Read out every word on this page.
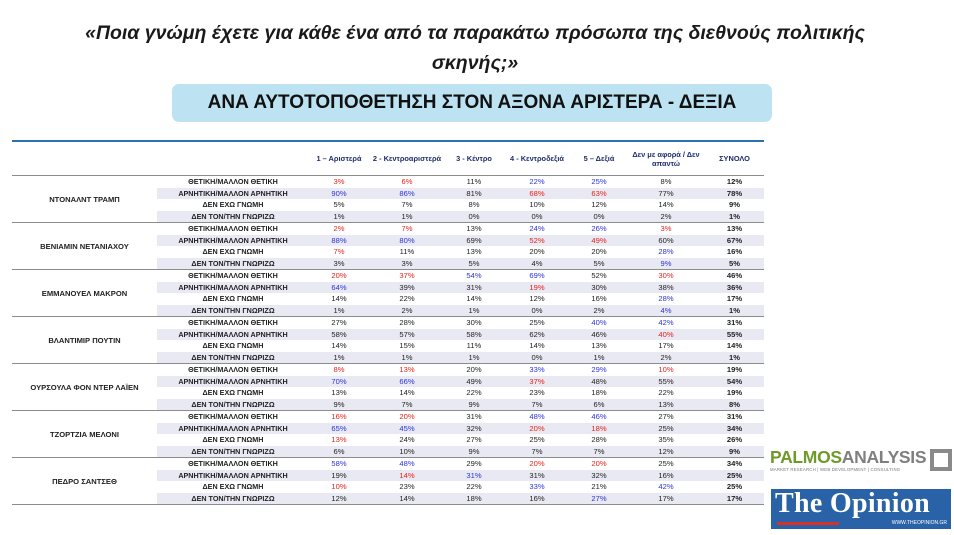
«Ποια γνώμη έχετε για κάθε ένα από τα παρακάτω πρόσωπα της διεθνούς πολιτικής σκηνής;»
ΑΝΑ ΑΥΤΟΤΟΠΟΘΕΤΗΣΗ ΣΤΟΝ ΑΞΟΝΑ ΑΡΙΣΤΕΡΑ - ΔΕΞΙΑ
		1 – Αριστερά	2 - Κεντροαριστερά	3 - Κέντρο	4 - Κεντροδεξιά	5 – Δεξιά	Δεν με αφορά / Δεν απαντώ	ΣΥΝΟΛΟ
ΝΤΟΝΑΛΝΤ ΤΡΑΜΠ	ΘΕΤΙΚΗ/ΜΑΛΛΟΝ ΘΕΤΙΚΗ	3%	6%	11%	22%	25%	8%	12%
	ΑΡΝΗΤΙΚΗ/ΜΑΛΛΟΝ ΑΡΝΗΤΙΚΗ	90%	86%	81%	68%	63%	77%	78%
	ΔΕΝ ΕΧΩ ΓΝΩΜΗ	5%	7%	8%	10%	12%	14%	9%
	ΔΕΝ ΤΟΝ/ΤΗΝ ΓΝΩΡΙΖΩ	1%	1%	0%	0%	0%	2%	1%
ΒΕΝΙΑΜΙΝ ΝΕΤΑΝΙΑΧΟΥ	ΘΕΤΙΚΗ/ΜΑΛΛΟΝ ΘΕΤΙΚΗ	2%	7%	13%	24%	26%	3%	13%
	ΑΡΝΗΤΙΚΗ/ΜΑΛΛΟΝ ΑΡΝΗΤΙΚΗ	88%	80%	69%	52%	49%	60%	67%
	ΔΕΝ ΕΧΩ ΓΝΩΜΗ	7%	11%	13%	20%	20%	28%	16%
	ΔΕΝ ΤΟΝ/ΤΗΝ ΓΝΩΡΙΖΩ	3%	3%	5%	4%	5%	9%	5%
ΕΜΜΑΝΟΥΕΛ ΜΑΚΡΟΝ	ΘΕΤΙΚΗ/ΜΑΛΛΟΝ ΘΕΤΙΚΗ	20%	37%	54%	69%	52%	30%	46%
	ΑΡΝΗΤΙΚΗ/ΜΑΛΛΟΝ ΑΡΝΗΤΙΚΗ	64%	39%	31%	19%	30%	38%	36%
	ΔΕΝ ΕΧΩ ΓΝΩΜΗ	14%	22%	14%	12%	16%	28%	17%
	ΔΕΝ ΤΟΝ/ΤΗΝ ΓΝΩΡΙΖΩ	1%	2%	1%	0%	2%	4%	1%
ΒΛΑΝΤΙΜΙΡ ΠΟΥΤΙΝ	ΘΕΤΙΚΗ/ΜΑΛΛΟΝ ΘΕΤΙΚΗ	27%	28%	30%	25%	40%	42%	31%
	ΑΡΝΗΤΙΚΗ/ΜΑΛΛΟΝ ΑΡΝΗΤΙΚΗ	58%	57%	58%	62%	46%	40%	55%
	ΔΕΝ ΕΧΩ ΓΝΩΜΗ	14%	15%	11%	14%	13%	17%	14%
	ΔΕΝ ΤΟΝ/ΤΗΝ ΓΝΩΡΙΖΩ	1%	1%	1%	0%	1%	2%	1%
ΟΥΡΣΟΥΛΑ ΦΟΝ ΝΤΕΡ ΛΑΪΕΝ	ΘΕΤΙΚΗ/ΜΑΛΛΟΝ ΘΕΤΙΚΗ	8%	13%	20%	33%	29%	10%	19%
	ΑΡΝΗΤΙΚΗ/ΜΑΛΛΟΝ ΑΡΝΗΤΙΚΗ	70%	66%	49%	37%	48%	55%	54%
	ΔΕΝ ΕΧΩ ΓΝΩΜΗ	13%	14%	22%	23%	18%	22%	19%
	ΔΕΝ ΤΟΝ/ΤΗΝ ΓΝΩΡΙΖΩ	9%	7%	9%	7%	6%	13%	8%
ΤΖΟΡΤΖΙΑ ΜΕΛΟΝΙ	ΘΕΤΙΚΗ/ΜΑΛΛΟΝ ΘΕΤΙΚΗ	16%	20%	31%	48%	46%	27%	31%
	ΑΡΝΗΤΙΚΗ/ΜΑΛΛΟΝ ΑΡΝΗΤΙΚΗ	65%	45%	32%	20%	18%	25%	34%
	ΔΕΝ ΕΧΩ ΓΝΩΜΗ	13%	24%	27%	25%	28%	35%	26%
	ΔΕΝ ΤΟΝ/ΤΗΝ ΓΝΩΡΙΖΩ	6%	10%	9%	7%	7%	12%	9%
ΠΕΔΡΟ ΣΑΝΤΣΕΘ	ΘΕΤΙΚΗ/ΜΑΛΛΟΝ ΘΕΤΙΚΗ	58%	48%	29%	20%	20%	25%	34%
	ΑΡΝΗΤΙΚΗ/ΜΑΛΛΟΝ ΑΡΝΗΤΙΚΗ	19%	14%	31%	31%	32%	16%	25%
	ΔΕΝ ΕΧΩ ΓΝΩΜΗ	10%	23%	22%	33%	21%	42%	25%
	ΔΕΝ ΤΟΝ/ΤΗΝ ΓΝΩΡΙΖΩ	12%	14%	18%	16%	27%	17%	17%
PALMOSANALYSIS
MARKET RESEARCH | WEB DEVELOPMENT | CONSULTING
The Opinion
WWW.THEOPINION.GR
